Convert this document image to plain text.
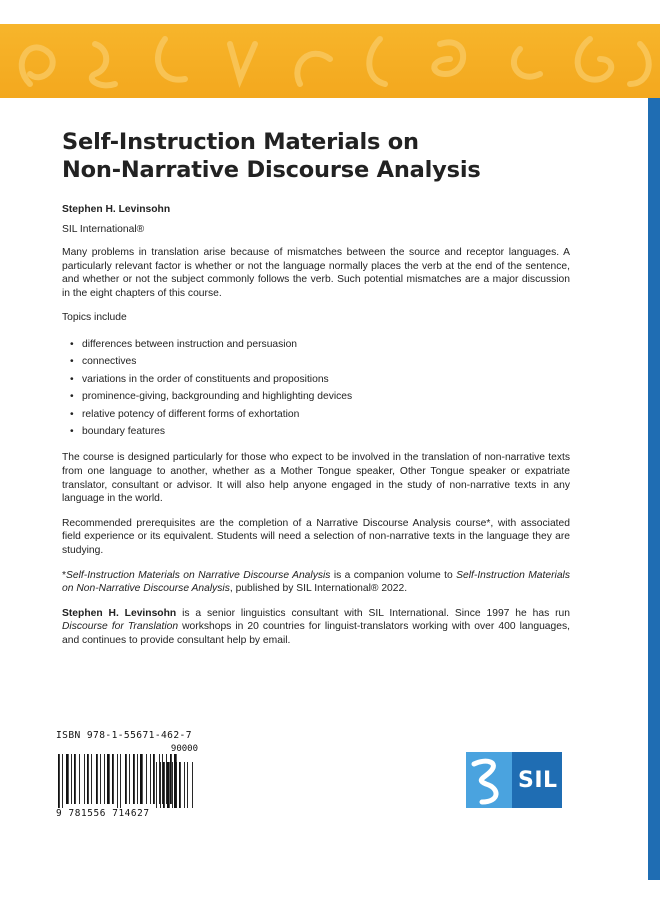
Self-Instruction Materials on
Non-Narrative Discourse Analysis
Stephen H. Levinsohn
SIL International®

Many problems in translation arise because of mismatches between the source and receptor languages. A particularly relevant factor is whether or not the language normally places the verb at the end of the sentence, and whether or not the subject commonly follows the verb. Such potential mismatches are a major discussion in the eight chapters of this course.

Topics include

• differences between instruction and persuasion
• connectives
• variations in the order of constituents and propositions
• prominence-giving, backgrounding and highlighting devices
• relative potency of different forms of exhortation
• boundary features

The course is designed particularly for those who expect to be involved in the translation of non-narrative texts from one language to another, whether as a Mother Tongue speaker, Other Tongue speaker or expatriate translator, consultant or advisor. It will also help anyone engaged in the study of non-narrative texts in any language in the world.

Recommended prerequisites are the completion of a Narrative Discourse Analysis course*, with associated field experience or its equivalent. Students will need a selection of non-narrative texts in the language they are studying.

*Self-Instruction Materials on Narrative Discourse Analysis is a companion volume to Self-Instruction Materials on Non-Narrative Discourse Analysis, published by SIL International® 2022.

Stephen H. Levinsohn is a senior linguistics consultant with SIL International. Since 1997 he has run Discourse for Translation workshops in 20 countries for linguist-translators working with over 400 languages, and continues to provide consultant help by email.

ISBN 978-1-55671-462-7
90000
9 781556 714627
SIL
